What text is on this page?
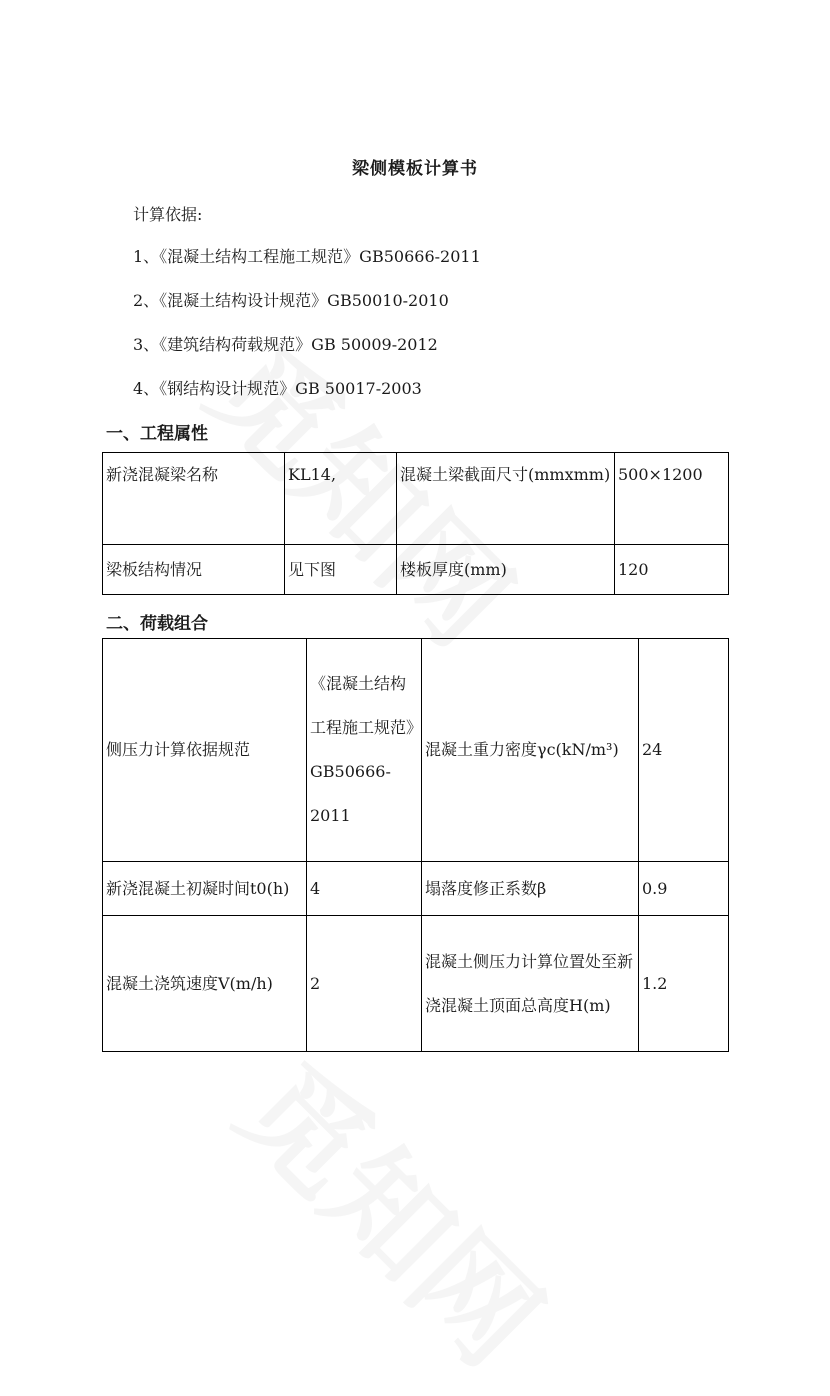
梁侧模板计算书
计算依据:
1、《混凝土结构工程施工规范》GB50666-2011
2、《混凝土结构设计规范》GB50010-2010
3、《建筑结构荷载规范》GB 50009-2012
4、《钢结构设计规范》GB 50017-2003
一、工程属性
新浇混凝梁名称	KL14,	混凝土梁截面尺寸(mmxmm)	500×1200
梁板结构情况	见下图	楼板厚度(mm)	120
二、荷载组合
侧压力计算依据规范	《混凝土结构工程施工规范》GB50666-2011	混凝土重力密度γc(kN/m³)	24
新浇混凝土初凝时间t0(h)	4	塌落度修正系数β	0.9
混凝土浇筑速度V(m/h)	2	混凝土侧压力计算位置处至新浇混凝土顶面总高度H(m)	1.2
